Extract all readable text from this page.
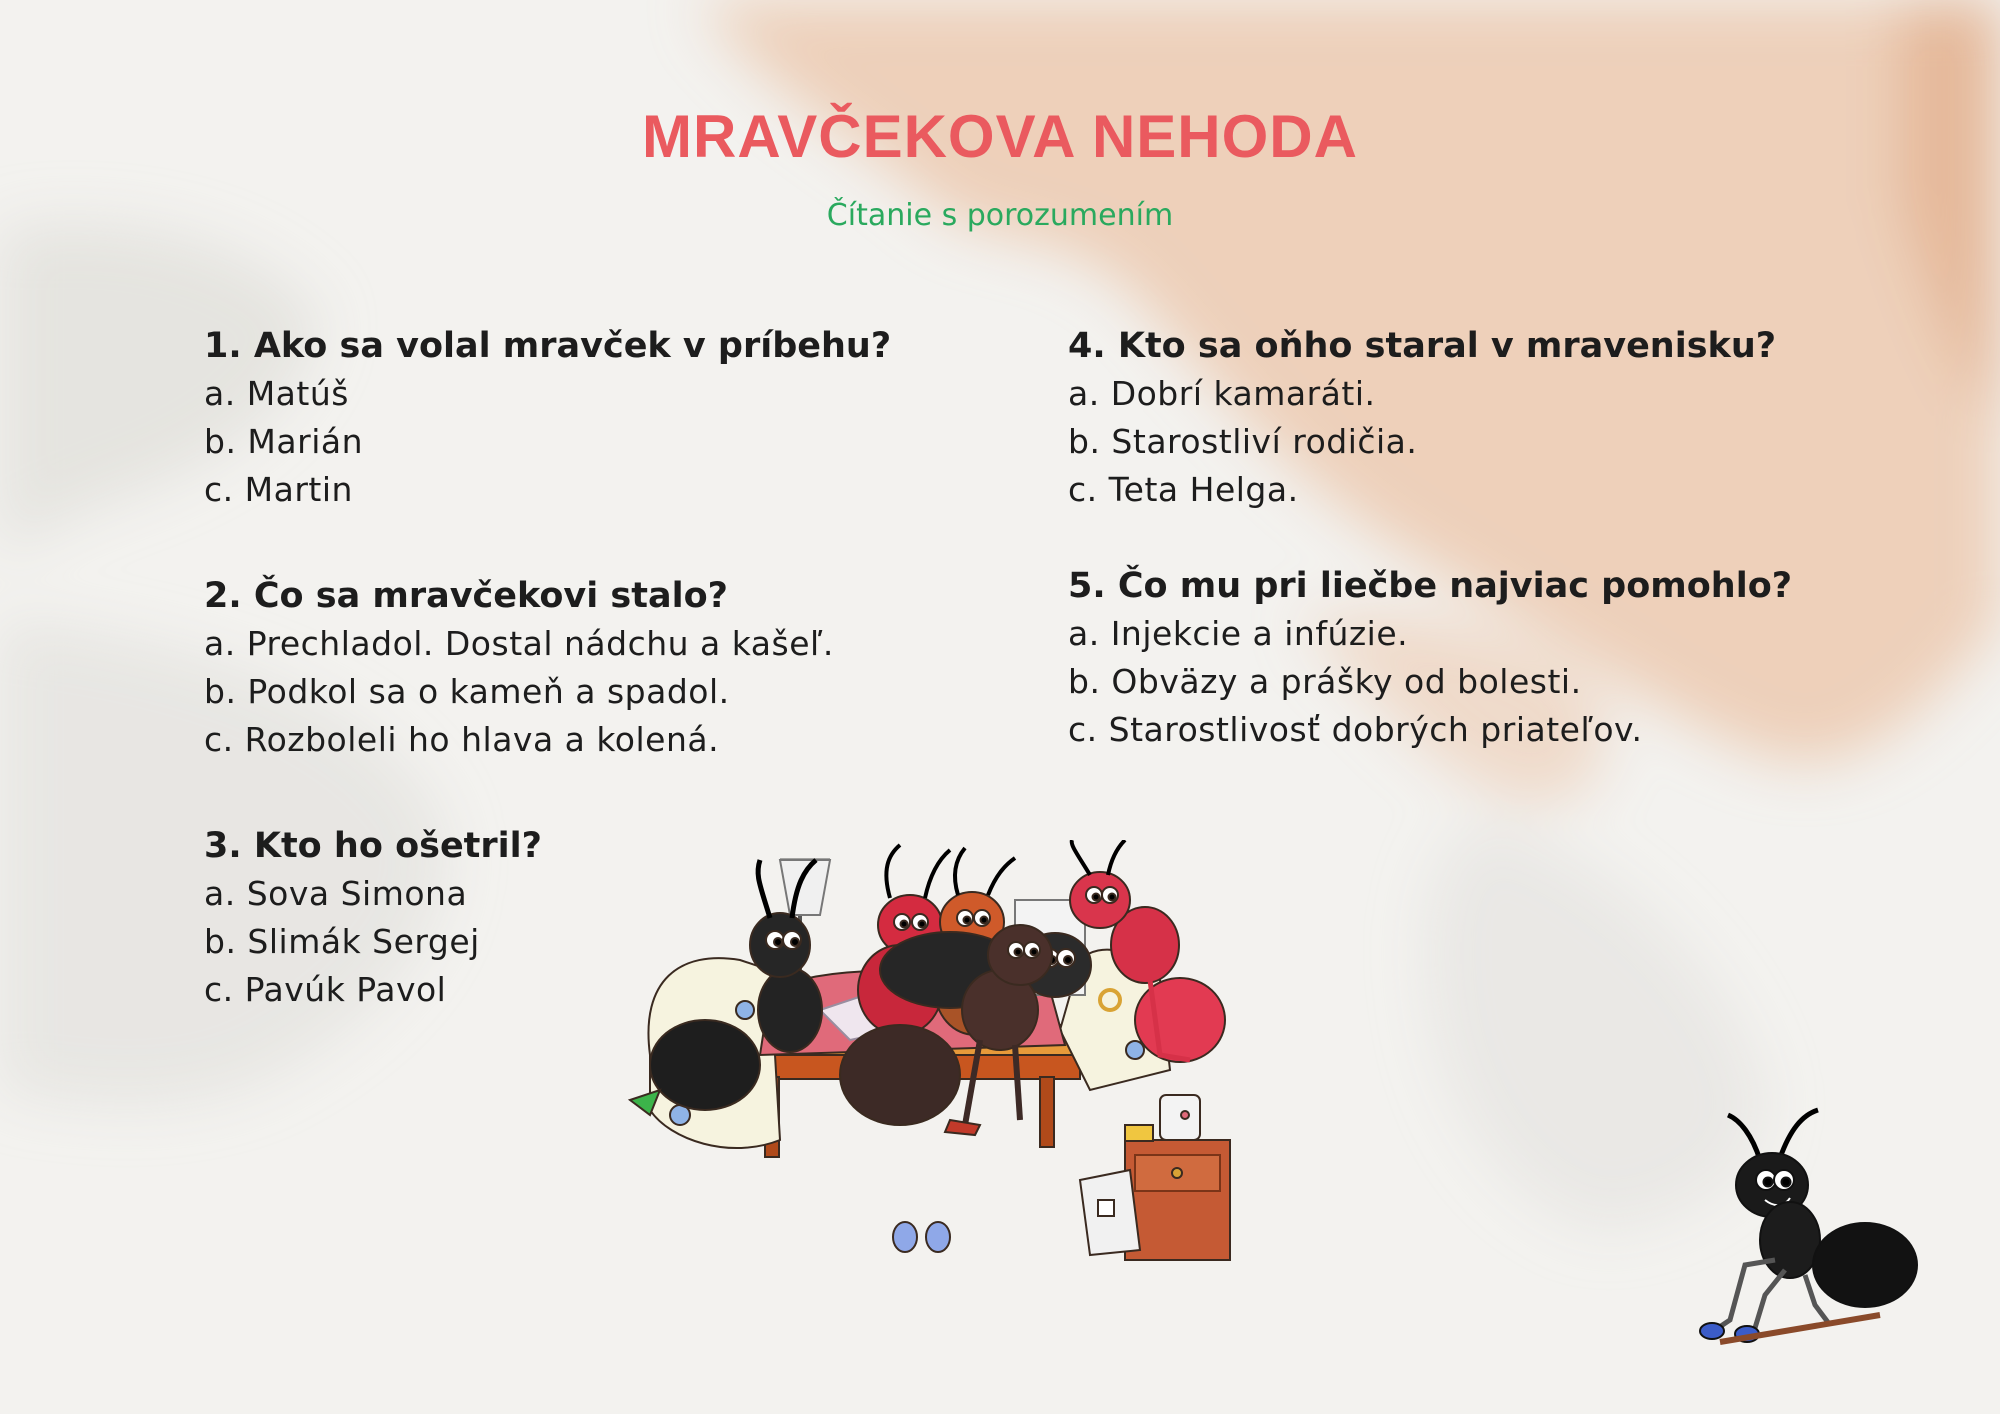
MRAVČEKOVA NEHODA
Čítanie s porozumením
1. Ako sa volal mravček v príbehu?
a. Matúš
b. Marián
c. Martin
2. Čo sa mravčekovi stalo?
a. Prechladol. Dostal nádchu a kašeľ.
b. Podkol sa o kameň a spadol.
c. Rozboleli ho hlava a kolená.
3. Kto ho ošetril?
a. Sova Simona
b. Slimák Sergej
c. Pavúk Pavol
4. Kto sa oňho staral v mravenisku?
a. Dobrí kamaráti.
b. Starostliví rodičia.
c. Teta Helga.
5. Čo mu pri liečbe najviac pomohlo?
a. Injekcie a infúzie.
b. Obväzy a prášky od bolesti.
c. Starostlivosť dobrých priateľov.
